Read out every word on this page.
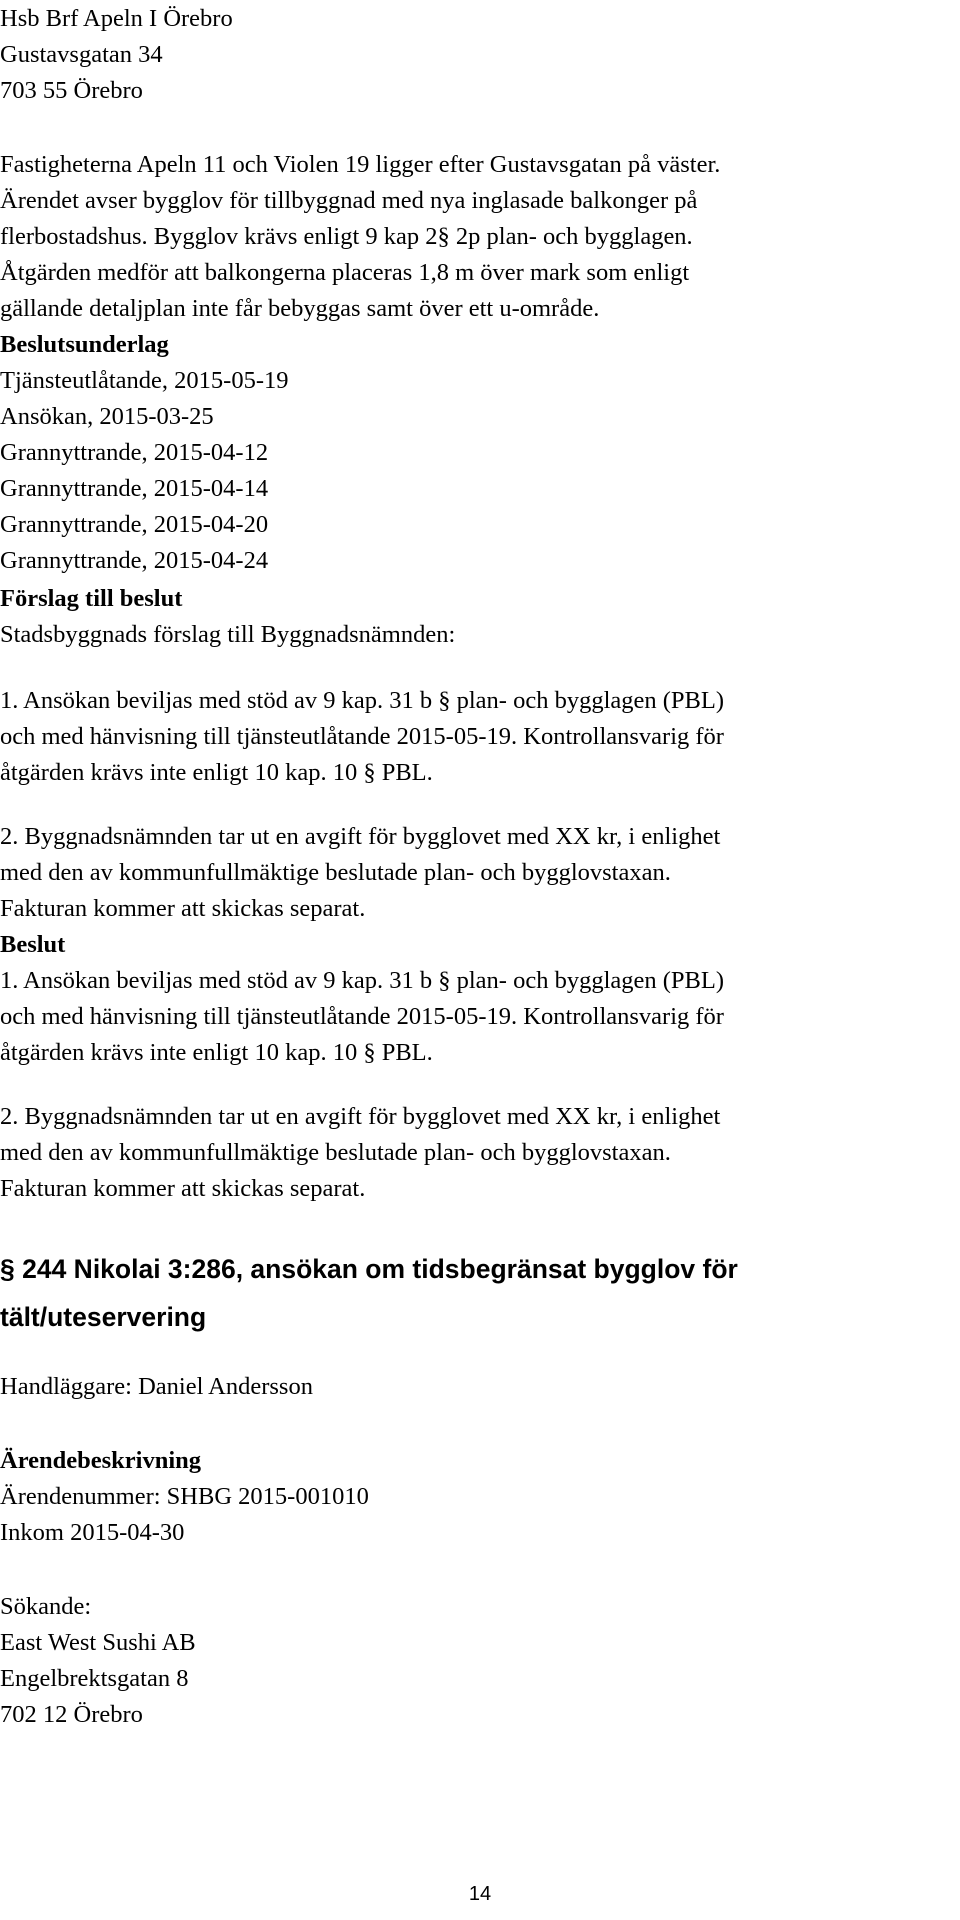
Hsb Brf Apeln I Örebro
Gustavsgatan 34
703 55 Örebro
Fastigheterna Apeln 11 och Violen 19 ligger efter Gustavsgatan på väster.
Ärendet avser bygglov för tillbyggnad med nya inglasade balkonger på
flerbostadshus. Bygglov krävs enligt 9 kap 2§ 2p plan- och bygglagen.
Åtgärden medför att balkongerna placeras 1,8 m över mark som enligt
gällande detaljplan inte får bebyggas samt över ett u-område.
Beslutsunderlag
Tjänsteutlåtande, 2015-05-19
Ansökan, 2015-03-25
Grannyttrande, 2015-04-12
Grannyttrande, 2015-04-14
Grannyttrande, 2015-04-20
Grannyttrande, 2015-04-24
Förslag till beslut
Stadsbyggnads förslag till Byggnadsnämnden:
1. Ansökan beviljas med stöd av 9 kap. 31 b § plan- och bygglagen (PBL)
och med hänvisning till tjänsteutlåtande 2015-05-19. Kontrollansvarig för
åtgärden krävs inte enligt 10 kap. 10 § PBL.
2. Byggnadsnämnden tar ut en avgift för bygglovet med XX kr, i enlighet
med den av kommunfullmäktige beslutade plan- och bygglovstaxan.
Fakturan kommer att skickas separat.
Beslut
1. Ansökan beviljas med stöd av 9 kap. 31 b § plan- och bygglagen (PBL)
och med hänvisning till tjänsteutlåtande 2015-05-19. Kontrollansvarig för
åtgärden krävs inte enligt 10 kap. 10 § PBL.
2. Byggnadsnämnden tar ut en avgift för bygglovet med XX kr, i enlighet
med den av kommunfullmäktige beslutade plan- och bygglovstaxan.
Fakturan kommer att skickas separat.
§ 244 Nikolai 3:286, ansökan om tidsbegränsat bygglov för
tält/uteservering
Handläggare: Daniel Andersson
Ärendebeskrivning
Ärendenummer: SHBG 2015-001010
Inkom 2015-04-30
Sökande:
East West Sushi AB
Engelbrektsgatan 8
702 12 Örebro
14
